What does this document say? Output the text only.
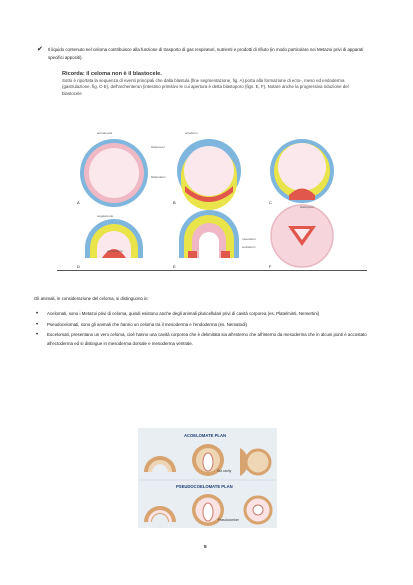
✔ Il liquido contenuto nel celoma contribuisce alla funzione di trasporto di gas respiratori, nutrienti e prodotti di rifiuto (in modo particolare nei Metazoi privi di apparati specifici appositi).
Ricorda: il celoma non è il blastocele.
Sotto è riportata la sequenza di eventi principali che dalla blastula (fine segmentazione, fig. A) porta alla formazione di ecto-, meso ed endoderma (gastrulazione, fig. C-E), dell'archenteron (intestino primitivo le cui apertura è detta blastoporo (figs. E, F). Notare anche la progressiva riduzione del blastocele
animal pole
vegetal pole
blastocoel
blastoderm
A
ectoderm
B	C
archenteron
D
mesoderm
endoderm
E
blastopore
F
Gli animali, in considerazione del celoma, si distinguono in:
• Acelomati, sono i Metazoi privi di celoma, quindi esistono anche degli animali pluricellulari privi di cavità corporea (es. Platelminti, Nemertini)
• Pseudocelomati, sono gli animali che hanno un celoma tra il mesoderma e l'endoderma (es. Nematodi)
• Eucelomati, presentano un vero celoma, cioè hanno una cavità corporea che è delimitata sia all'esterno che all'interno da mesoderma che in alcuni punti è accostato all'ectoderma ed si distingue in mesoderma dorsale e mesoderma ventrale.
ACOELOMATE PLAN
Gut cavity
PSEUDOCOELOMATE PLAN
Pseudocoelom
5
